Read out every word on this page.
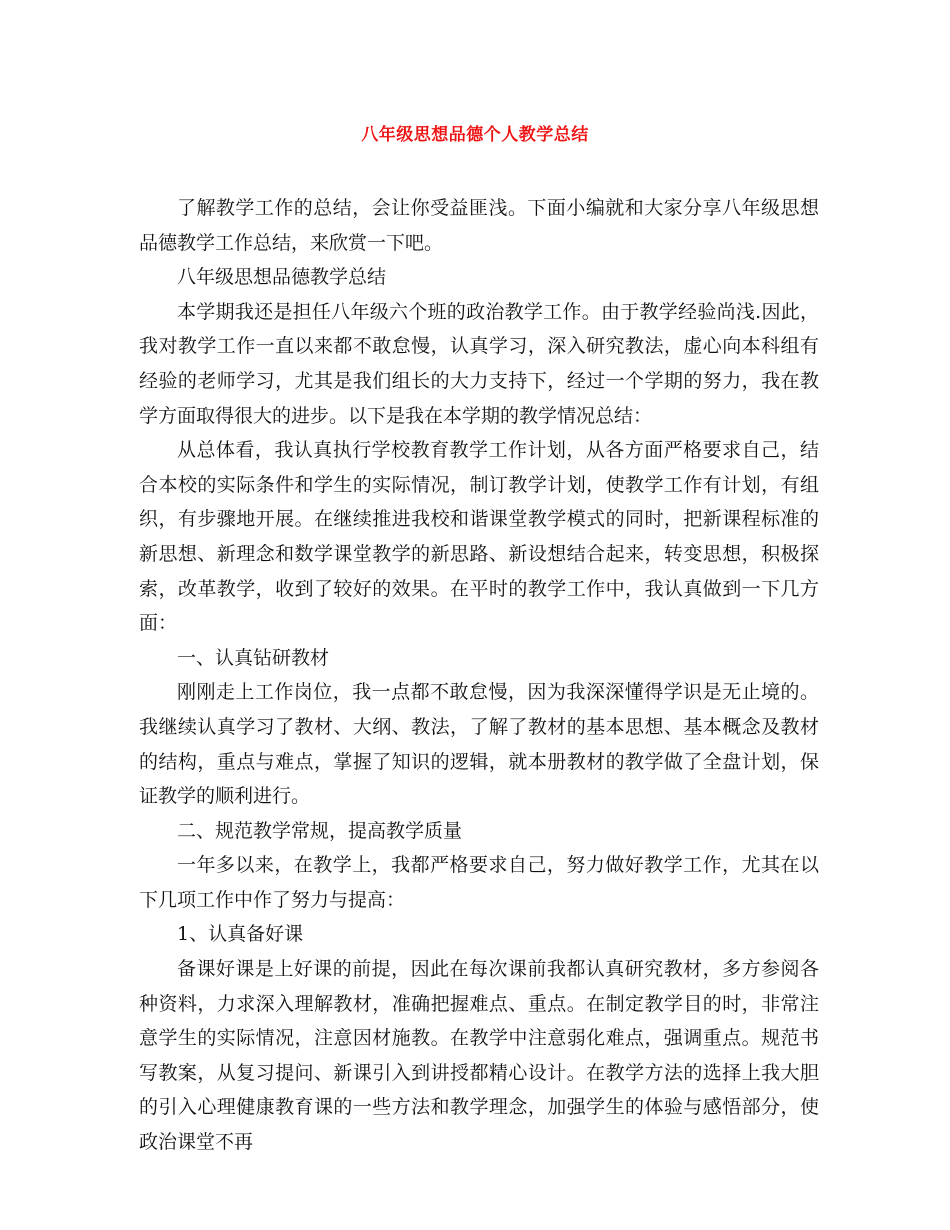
八年级思想品德个人教学总结

了解教学工作的总结，会让你受益匪浅。下面小编就和大家分享八年级思想品德教学工作总结，来欣赏一下吧。

八年级思想品德教学总结

本学期我还是担任八年级六个班的政治教学工作。由于教学经验尚浅.因此，我对教学工作一直以来都不敢怠慢，认真学习，深入研究教法，虚心向本科组有经验的老师学习，尤其是我们组长的大力支持下，经过一个学期的努力，我在教学方面取得很大的进步。以下是我在本学期的教学情况总结：

从总体看，我认真执行学校教育教学工作计划，从各方面严格要求自己，结合本校的实际条件和学生的实际情况，制订教学计划，使教学工作有计划，有组织，有步骤地开展。在继续推进我校和谐课堂教学模式的同时，把新课程标准的新思想、新理念和数学课堂教学的新思路、新设想结合起来，转变思想，积极探索，改革教学，收到了较好的效果。在平时的教学工作中，我认真做到一下几方面：

一、认真钻研教材

刚刚走上工作岗位，我一点都不敢怠慢，因为我深深懂得学识是无止境的。我继续认真学习了教材、大纲、教法，了解了教材的基本思想、基本概念及教材的结构，重点与难点，掌握了知识的逻辑，就本册教材的教学做了全盘计划，保证教学的顺利进行。

二、规范教学常规，提高教学质量

一年多以来，在教学上，我都严格要求自己，努力做好教学工作，尤其在以下几项工作中作了努力与提高：

1、认真备好课

备课好课是上好课的前提，因此在每次课前我都认真研究教材，多方参阅各种资料，力求深入理解教材，准确把握难点、重点。在制定教学目的时，非常注意学生的实际情况，注意因材施教。在教学中注意弱化难点，强调重点。规范书写教案，从复习提问、新课引入到讲授都精心设计。在教学方法的选择上我大胆的引入心理健康教育课的一些方法和教学理念，加强学生的体验与感悟部分，使政治课堂不再
